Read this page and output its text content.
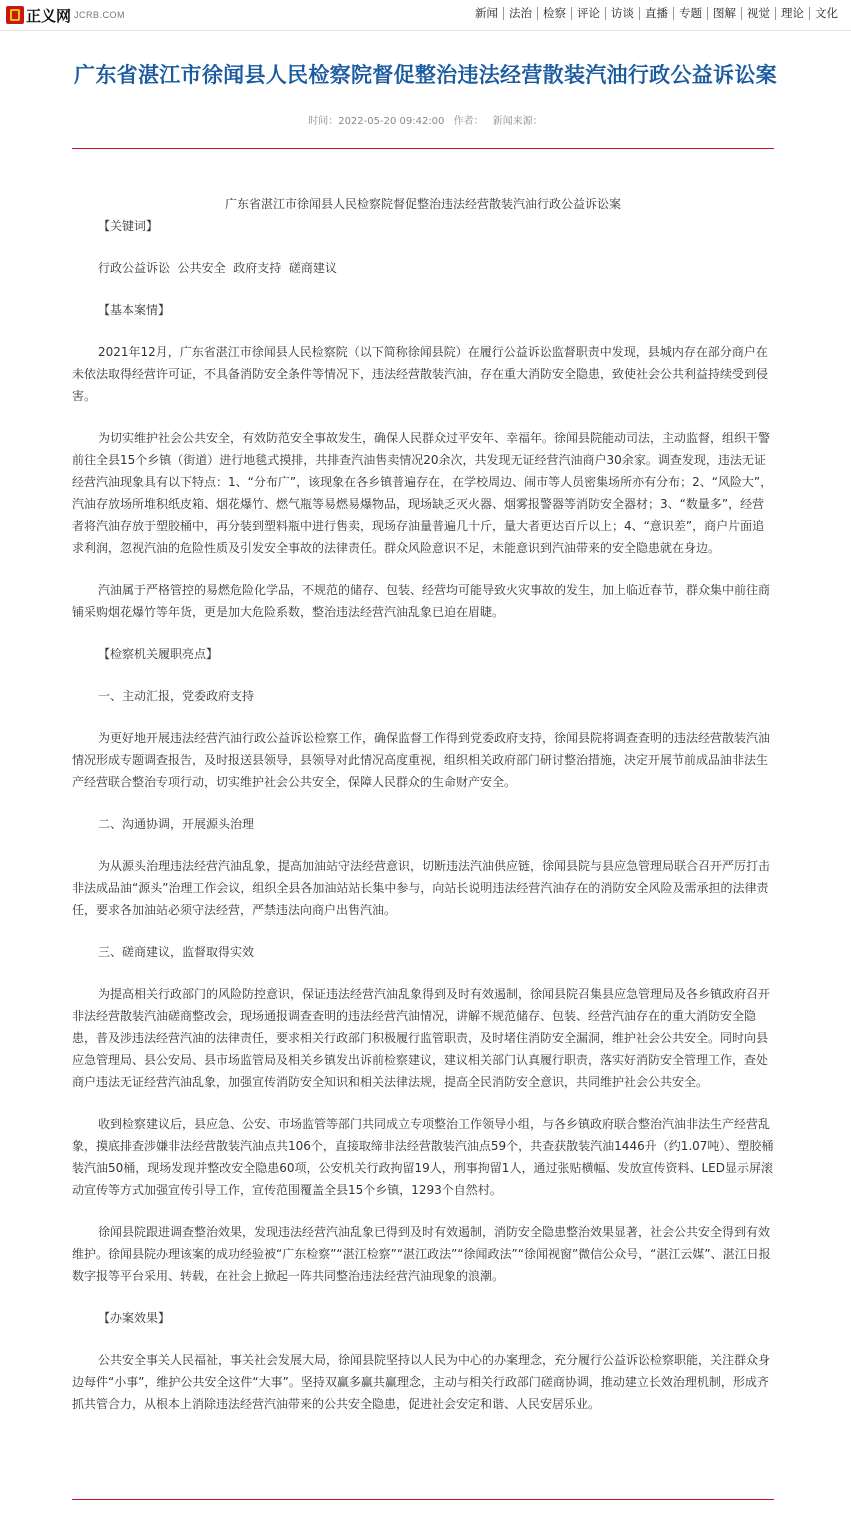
正义网 JCRB.COM	新闻 法治 检察 评论 访谈 直播 专题 图解 视觉 理论 文化
广东省湛江市徐闻县人民检察院督促整治违法经营散装汽油行政公益诉讼案
时间：2022-05-20 09:42:00 作者： 新闻来源：

广东省湛江市徐闻县人民检察院督促整治违法经营散装汽油行政公益诉讼案

【关键词】

行政公益诉讼  公共安全  政府支持  磋商建议

【基本案情】

2021年12月，广东省湛江市徐闻县人民检察院（以下简称徐闻县院）在履行公益诉讼监督职责中发现，县城内存在部分商户在未依法取得经营许可证，不具备消防安全条件等情况下，违法经营散装汽油，存在重大消防安全隐患，致使社会公共利益持续受到侵害。

为切实维护社会公共安全，有效防范安全事故发生，确保人民群众过平安年、幸福年。徐闻县院能动司法，主动监督，组织干警前往全县15个乡镇（街道）进行地毯式摸排，共排查汽油售卖情况20余次，共发现无证经营汽油商户30余家。调查发现，违法无证经营汽油现象具有以下特点：1、“分布广”，该现象在各乡镇普遍存在，在学校周边、闹市等人员密集场所亦有分布；2、“风险大”，汽油存放场所堆积纸皮箱、烟花爆竹、燃气瓶等易燃易爆物品，现场缺乏灭火器、烟雾报警器等消防安全器材；3、“数量多”，经营者将汽油存放于塑胶桶中，再分装到塑料瓶中进行售卖，现场存油量普遍几十斤，量大者更达百斤以上；4、“意识差”，商户片面追求利润，忽视汽油的危险性质及引发安全事故的法律责任。群众风险意识不足，未能意识到汽油带来的安全隐患就在身边。

汽油属于严格管控的易燃危险化学品，不规范的储存、包装、经营均可能导致火灾事故的发生，加上临近春节，群众集中前往商铺采购烟花爆竹等年货，更是加大危险系数，整治违法经营汽油乱象已迫在眉睫。

【检察机关履职亮点】

一、主动汇报，党委政府支持

为更好地开展违法经营汽油行政公益诉讼检察工作，确保监督工作得到党委政府支持，徐闻县院将调查查明的违法经营散装汽油情况形成专题调查报告，及时报送县领导，县领导对此情况高度重视，组织相关政府部门研讨整治措施，决定开展节前成品油非法生产经营联合整治专项行动，切实维护社会公共安全，保障人民群众的生命财产安全。

二、沟通协调，开展源头治理

为从源头治理违法经营汽油乱象，提高加油站守法经营意识，切断违法汽油供应链，徐闻县院与县应急管理局联合召开严厉打击非法成品油“源头”治理工作会议，组织全县各加油站站长集中参与，向站长说明违法经营汽油存在的消防安全风险及需承担的法律责任，要求各加油站必须守法经营，严禁违法向商户出售汽油。

三、磋商建议，监督取得实效

为提高相关行政部门的风险防控意识，保证违法经营汽油乱象得到及时有效遏制，徐闻县院召集县应急管理局及各乡镇政府召开非法经营散装汽油磋商整改会，现场通报调查查明的违法经营汽油情况，讲解不规范储存、包装、经营汽油存在的重大消防安全隐患，普及涉违法经营汽油的法律责任，要求相关行政部门积极履行监管职责，及时堵住消防安全漏洞，维护社会公共安全。同时向县应急管理局、县公安局、县市场监管局及相关乡镇发出诉前检察建议，建议相关部门认真履行职责，落实好消防安全管理工作，查处商户违法无证经营汽油乱象，加强宣传消防安全知识和相关法律法规，提高全民消防安全意识，共同维护社会公共安全。

收到检察建议后，县应急、公安、市场监管等部门共同成立专项整治工作领导小组，与各乡镇政府联合整治汽油非法生产经营乱象，摸底排查涉嫌非法经营散装汽油点共106个，直接取缔非法经营散装汽油点59个，共查获散装汽油1446升（约1.07吨）、塑胶桶装汽油50桶，现场发现并整改安全隐患60项，公安机关行政拘留19人，刑事拘留1人，通过张贴横幅、发放宣传资料、LED显示屏滚动宣传等方式加强宣传引导工作，宣传范围覆盖全县15个乡镇，1293个自然村。

徐闻县院跟进调查整治效果，发现违法经营汽油乱象已得到及时有效遏制，消防安全隐患整治效果显著，社会公共安全得到有效维护。徐闻县院办理该案的成功经验被“广东检察”“湛江检察”“湛江政法”“徐闻政法”“徐闻视窗”微信公众号，“湛江云媒”、湛江日报数字报等平台采用、转载，在社会上掀起一阵共同整治违法经营汽油现象的浪潮。

【办案效果】

公共安全事关人民福祉，事关社会发展大局，徐闻县院坚持以人民为中心的办案理念，充分履行公益诉讼检察职能，关注群众身边每件“小事”，维护公共安全这件“大事”。坚持双赢多赢共赢理念，主动与相关行政部门磋商协调，推动建立长效治理机制，形成齐抓共管合力，从根本上消除违法经营汽油带来的公共安全隐患，促进社会安定和谐、人民安居乐业。
